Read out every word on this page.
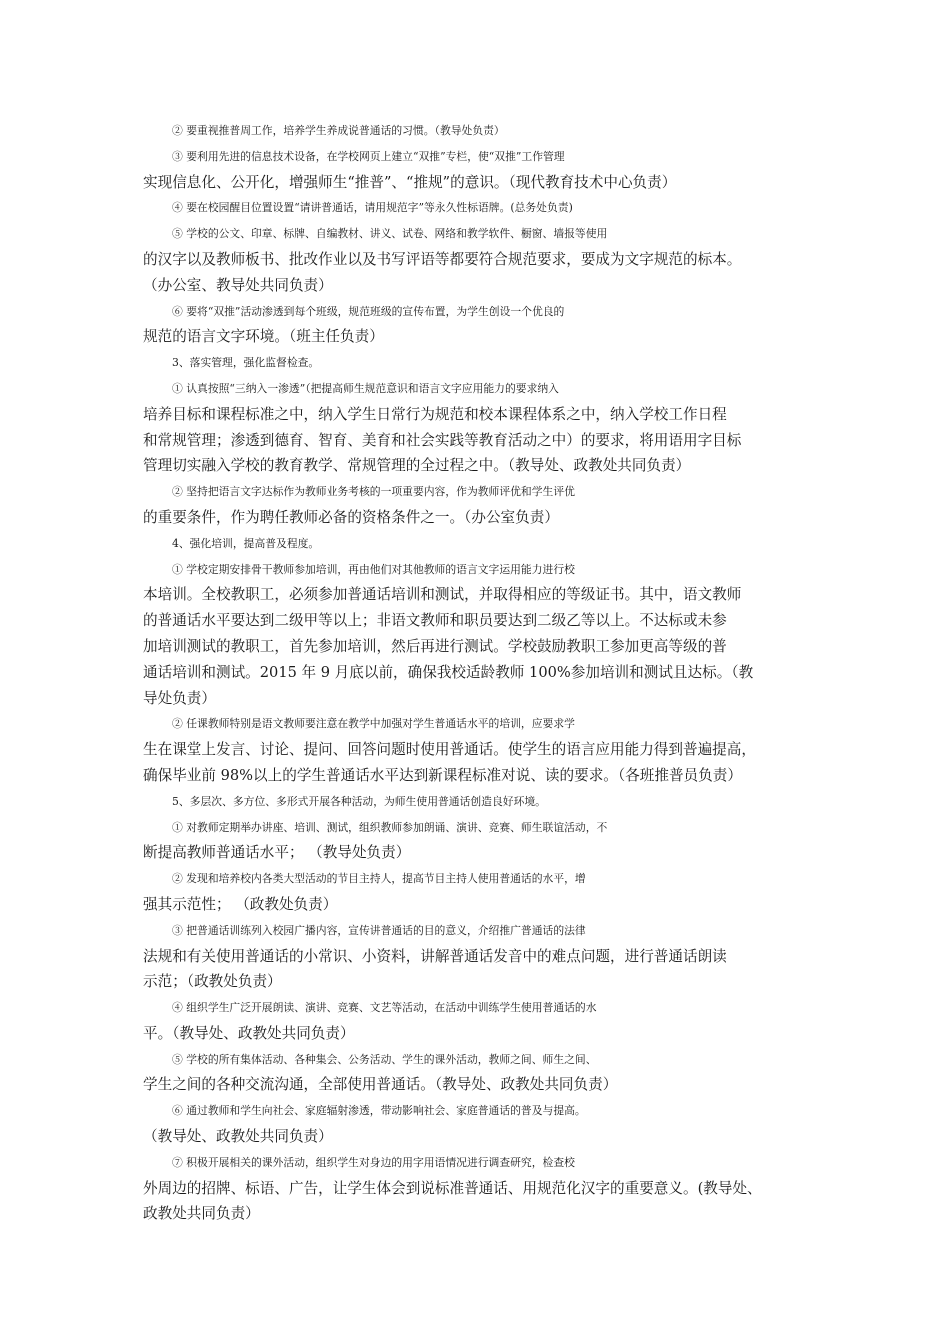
② 要重视推普周工作，培养学生养成说普通话的习惯。（教导处负责）

③ 要利用先进的信息技术设备，在学校网页上建立“双推”专栏，使“双推”工作管理
实现信息化、公开化，增强师生“推普”、“推规”的意识。（现代教育技术中心负责）

④ 要在校园醒目位置设置“请讲普通话，请用规范字”等永久性标语牌。(总务处负责)

⑤ 学校的公文、印章、标牌、自编教材、讲义、试卷、网络和教学软件、橱窗、墙报等使用
的汉字以及教师板书、批改作业以及书写评语等都要符合规范要求，要成为文字规范的标本。
（办公室、教导处共同负责）

⑥ 要将“双推”活动渗透到每个班级，规范班级的宣传布置，为学生创设一个优良的
规范的语言文字环境。（班主任负责）

3、落实管理，强化监督检查。

① 认真按照“三纳入一渗透”（把提高师生规范意识和语言文字应用能力的要求纳入
培养目标和课程标准之中，纳入学生日常行为规范和校本课程体系之中，纳入学校工作日程
和常规管理；渗透到德育、智育、美育和社会实践等教育活动之中）的要求，将用语用字目标
管理切实融入学校的教育教学、常规管理的全过程之中。（教导处、政教处共同负责）

② 坚持把语言文字达标作为教师业务考核的一项重要内容，作为教师评优和学生评优
的重要条件，作为聘任教师必备的资格条件之一。（办公室负责）

4、强化培训，提高普及程度。

① 学校定期安排骨干教师参加培训，再由他们对其他教师的语言文字运用能力进行校
本培训。全校教职工，必须参加普通话培训和测试，并取得相应的等级证书。其中，语文教师
的普通话水平要达到二级甲等以上；非语文教师和职员要达到二级乙等以上。不达标或未参
加培训测试的教职工，首先参加培训，然后再进行测试。学校鼓励教职工参加更高等级的普
通话培训和测试。2015 年 9 月底以前，确保我校适龄教师 100%参加培训和测试且达标。（教
导处负责）

② 任课教师特别是语文教师要注意在教学中加强对学生普通话水平的培训，应要求学
生在课堂上发言、讨论、提问、回答问题时使用普通话。使学生的语言应用能力得到普遍提高，
确保毕业前 98%以上的学生普通话水平达到新课程标准对说、读的要求。（各班推普员负责）

5、多层次、多方位、多形式开展各种活动，为师生使用普通话创造良好环境。

① 对教师定期举办讲座、培训、测试，组织教师参加朗诵、演讲、竞赛、师生联谊活动，不
断提高教师普通话水平； （教导处负责）

② 发现和培养校内各类大型活动的节目主持人，提高节目主持人使用普通话的水平，增
强其示范性； （政教处负责）

③ 把普通话训练列入校园广播内容，宣传讲普通话的目的意义，介绍推广普通话的法律
法规和有关使用普通话的小常识、小资料，讲解普通话发音中的难点问题，进行普通话朗读
示范；（政教处负责）

④ 组织学生广泛开展朗读、演讲、竞赛、文艺等活动，在活动中训练学生使用普通话的水
平。（教导处、政教处共同负责）

⑤ 学校的所有集体活动、各种集会、公务活动、学生的课外活动，教师之间、师生之间、
学生之间的各种交流沟通，全部使用普通话。（教导处、政教处共同负责）

⑥ 通过教师和学生向社会、家庭辐射渗透，带动影响社会、家庭普通话的普及与提高。
（教导处、政教处共同负责）

⑦ 积极开展相关的课外活动，组织学生对身边的用字用语情况进行调查研究，检查校
外周边的招牌、标语、广告，让学生体会到说标准普通话、用规范化汉字的重要意义。(教导处、
政教处共同负责）
